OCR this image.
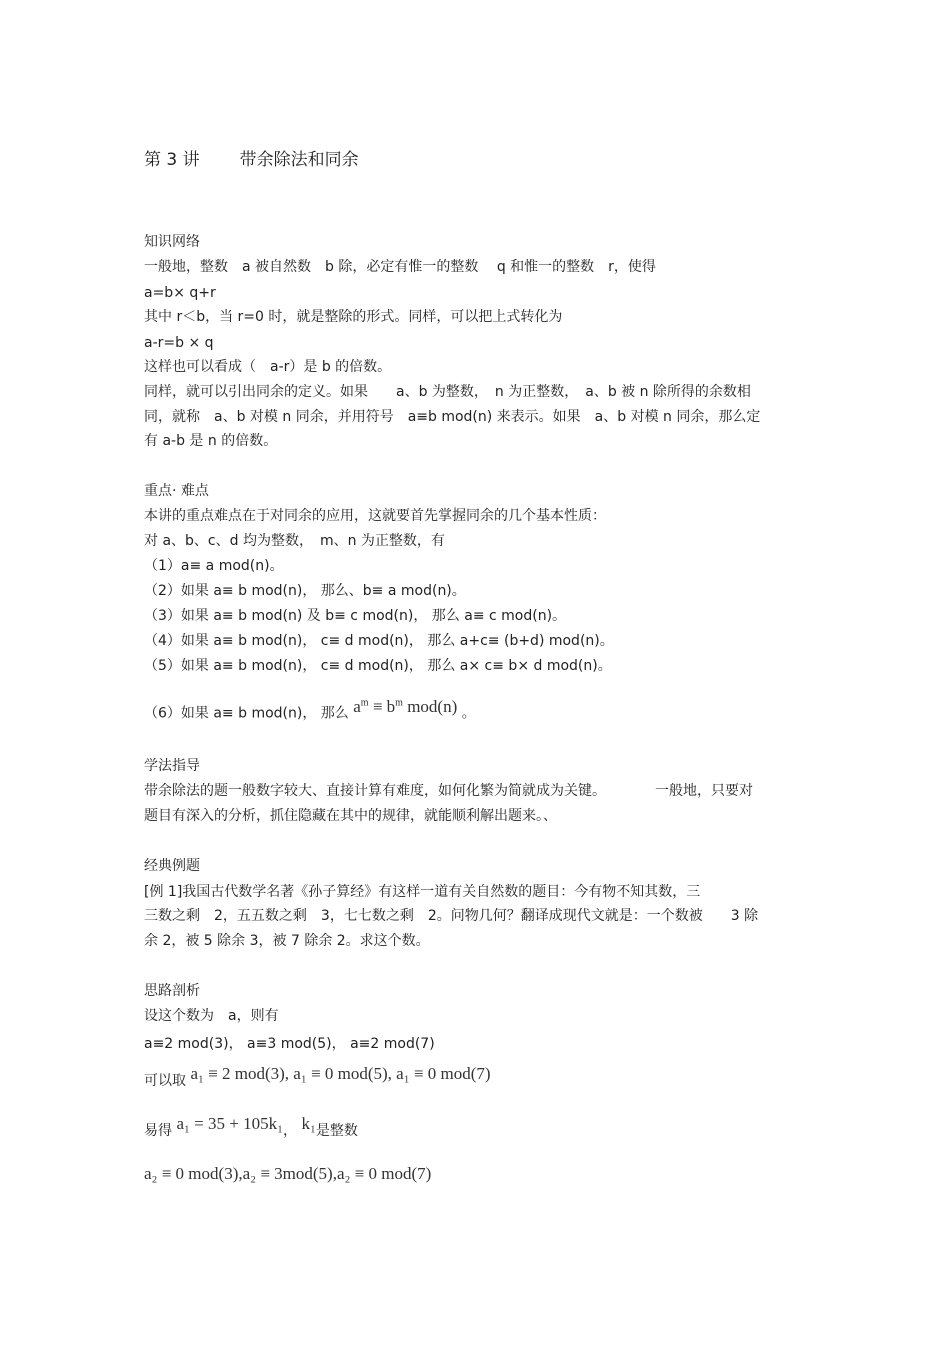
第 3 讲 带余除法和同余
知识网络
一般地，整数　a 被自然数　b 除，必定有惟一的整数　 q 和惟一的整数　r，使得
a=b× q+r
其中 r＜b，当 r=0 时，就是整除的形式。同样，可以把上式转化为
a-r=b × q
这样也可以看成（　a-r）是 b 的倍数。
同样，就可以引出同余的定义。如果　　a、b 为整数，　n 为正整数，　a、b 被 n 除所得的余数相
同，就称　a、b 对模 n 同余，并用符号　a≡b mod(n) 来表示。如果　a、b 对模 n 同余，那么定
有 a-b 是 n 的倍数。
重点· 难点
本讲的重点难点在于对同余的应用，这就要首先掌握同余的几个基本性质：
对 a、b、c、d 均为整数，　m、n 为正整数，有
（1）a≡ a mod(n)。
（2）如果 a≡ b mod(n)， 那么、b≡ a mod(n)。
（3）如果 a≡ b mod(n) 及 b≡ c mod(n)， 那么 a≡ c mod(n)。
（4）如果 a≡ b mod(n)， c≡ d mod(n)， 那么 a+c≡ (b+d) mod(n)。
（5）如果 a≡ b mod(n)， c≡ d mod(n)， 那么 a× c≡ b× d mod(n)。
（6）如果 a≡ b mod(n)， 那么 $a^m \equiv b^m$ mod(n) 。
学法指导
带余除法的题一般数字较大、直接计算有难度，如何化繁为简就成为关键。　　　　一般地，只要对
题目有深入的分析，抓住隐藏在其中的规律，就能顺利解出题来。、
经典例题
[例 1]我国古代数学名著《孙子算经》有这样一道有关自然数的题目：今有物不知其数，三
三数之剩　2，五五数之剩　3，七七数之剩　2。问物几何？翻译成现代文就是：一个数被　　3 除
余 2，被 5 除余 3，被 7 除余 2。求这个数。
思路剖析
设这个数为　a，则有
a≡2 mod(3)， a≡3 mod(5)， a≡2 mod(7)
可以取 a₁ ≡ 2 mod(3), a₁ ≡ 0 mod(5), a₁ ≡ 0 mod(7)
易得 a₁ = 35 + 105k₁， k₁是整数
a₂ ≡ 0 mod(3),a₂ ≡ 3mod(5),a₂ ≡ 0 mod(7)
